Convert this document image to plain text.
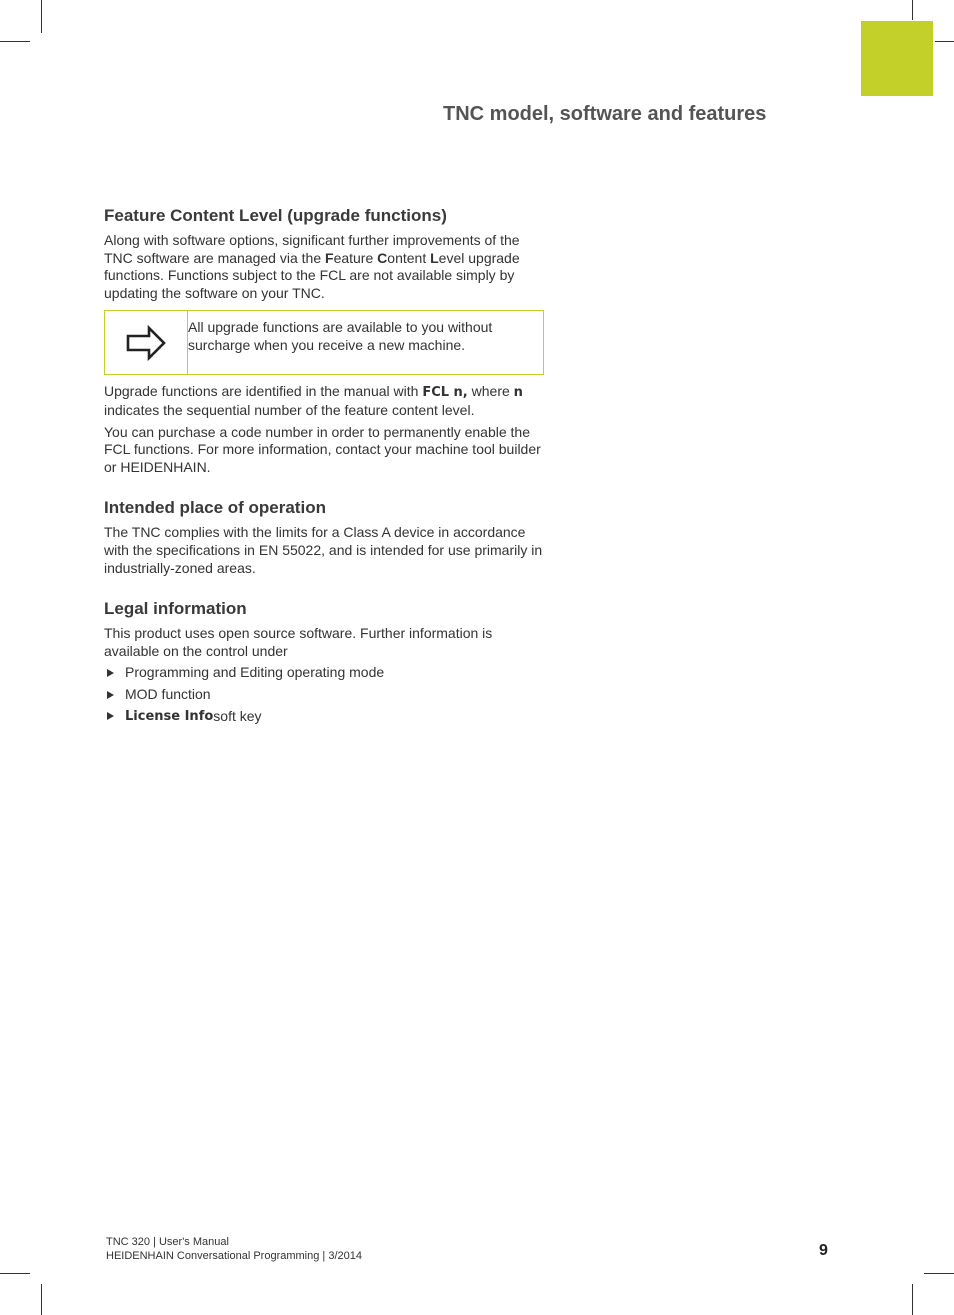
TNC model, software and features
Feature Content Level (upgrade functions)

Along with software options, significant further improvements of the TNC software are managed via the Feature Content Level upgrade functions. Functions subject to the FCL are not available simply by updating the software on your TNC.

All upgrade functions are available to you without surcharge when you receive a new machine.

Upgrade functions are identified in the manual with FCL n, where n indicates the sequential number of the feature content level.

You can purchase a code number in order to permanently enable the FCL functions. For more information, contact your machine tool builder or HEIDENHAIN.

Intended place of operation

The TNC complies with the limits for a Class A device in accordance with the specifications in EN 55022, and is intended for use primarily in industrially-zoned areas.

Legal information

This product uses open source software. Further information is available on the control under

Programming and Editing operating mode
MOD function
License Info soft key
TNC 320 | User's Manual
HEIDENHAIN Conversational Programming | 3/2014	9
